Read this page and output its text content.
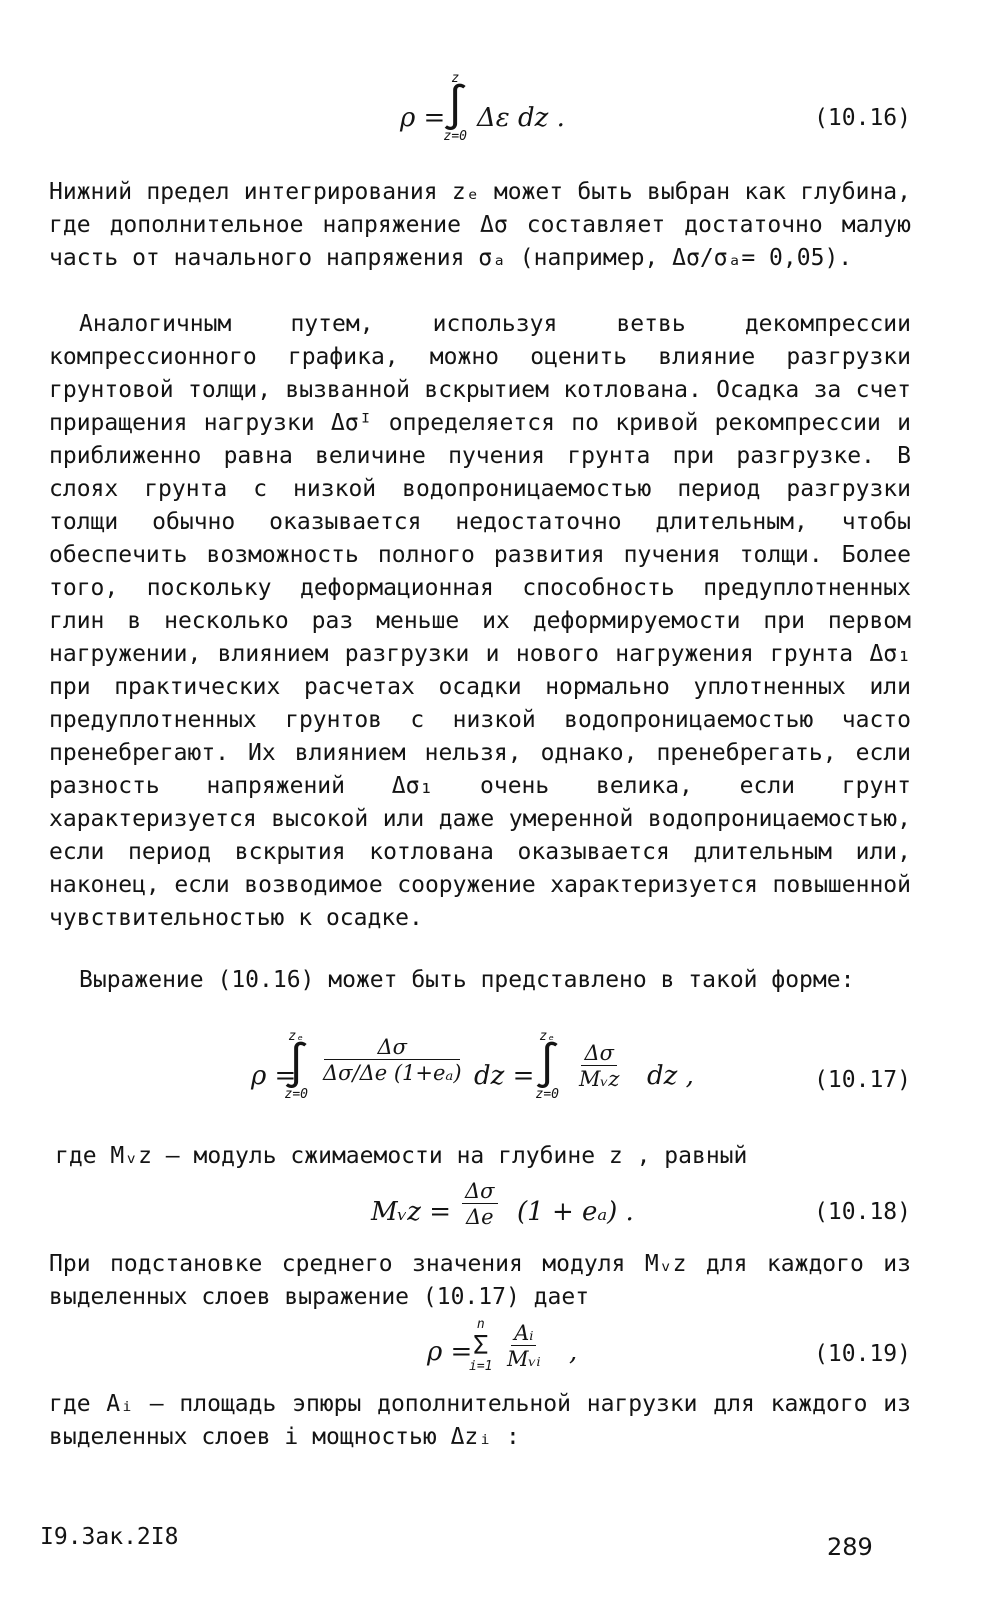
ρ =
z
∫
z=0
Δε dz .	(10.16)

Нижний предел интегрирования zₑ может быть выбран как глубина, где дополнительное напряжение Δσ составляет достаточно малую часть от начального напряжения σₐ (например, Δσ/σₐ= 0,05).

Аналогичным путем, используя ветвь декомпрессии компрессионного графика, можно оценить влияние разгрузки грунтовой толщи, вызванной вскрытием котлована. Осадка за счет приращения нагрузки Δσᴵ определяется по кривой рекомпрессии и приближенно равна величине пучения грунта при разгрузке. В слоях грунта с низкой водопроницаемостью период разгрузки толщи обычно оказывается недостаточно длительным, чтобы обеспечить возможность полного развития пучения толщи. Более того, поскольку деформационная способность предуплотненных глин в несколько раз меньше их деформируемости при первом нагружении, влиянием разгрузки и нового нагружения грунта Δσ₁ при практических расчетах осадки нормально уплотненных или предуплотненных грунтов с низкой водопроницаемостью часто пренебрегают. Их влиянием нельзя, однако, пренебрегать, если разность напряжений Δσ₁ очень велика, если грунт характеризуется высокой или даже умеренной водопроницаемостью, если период вскрытия котлована оказывается длительным или, наконец, если возводимое сооружение характеризуется повышенной чувствительностью к осадке.

Выражение (10.16) может быть представлено в такой форме:

ρ =
zₑ
∫
z=0
$\frac{\Delta\sigma}{\text{Δσ/Δe (1+eₐ)}}$ dz =
zₑ
∫
z=0
Δσ
Mᵥz dz ,	(10.17)

где Mᵥz – модуль сжимаемости на глубине z , равный

Mᵥz = $\frac{\Delta\sigma}{\Delta e} (1 + e_a)$ .	(10.18)

При подстановке среднего значения модуля Mᵥz для каждого из выделенных слоев выражение (10.17) дает

ρ =
n
Σ
i=1
Aᵢ
Mᵥᵢ ,	(10.19)

где Aᵢ – площадь эпюры дополнительной нагрузки для каждого из выделенных слоев i мощностью Δzᵢ :

I9.Зак.2I8	289
